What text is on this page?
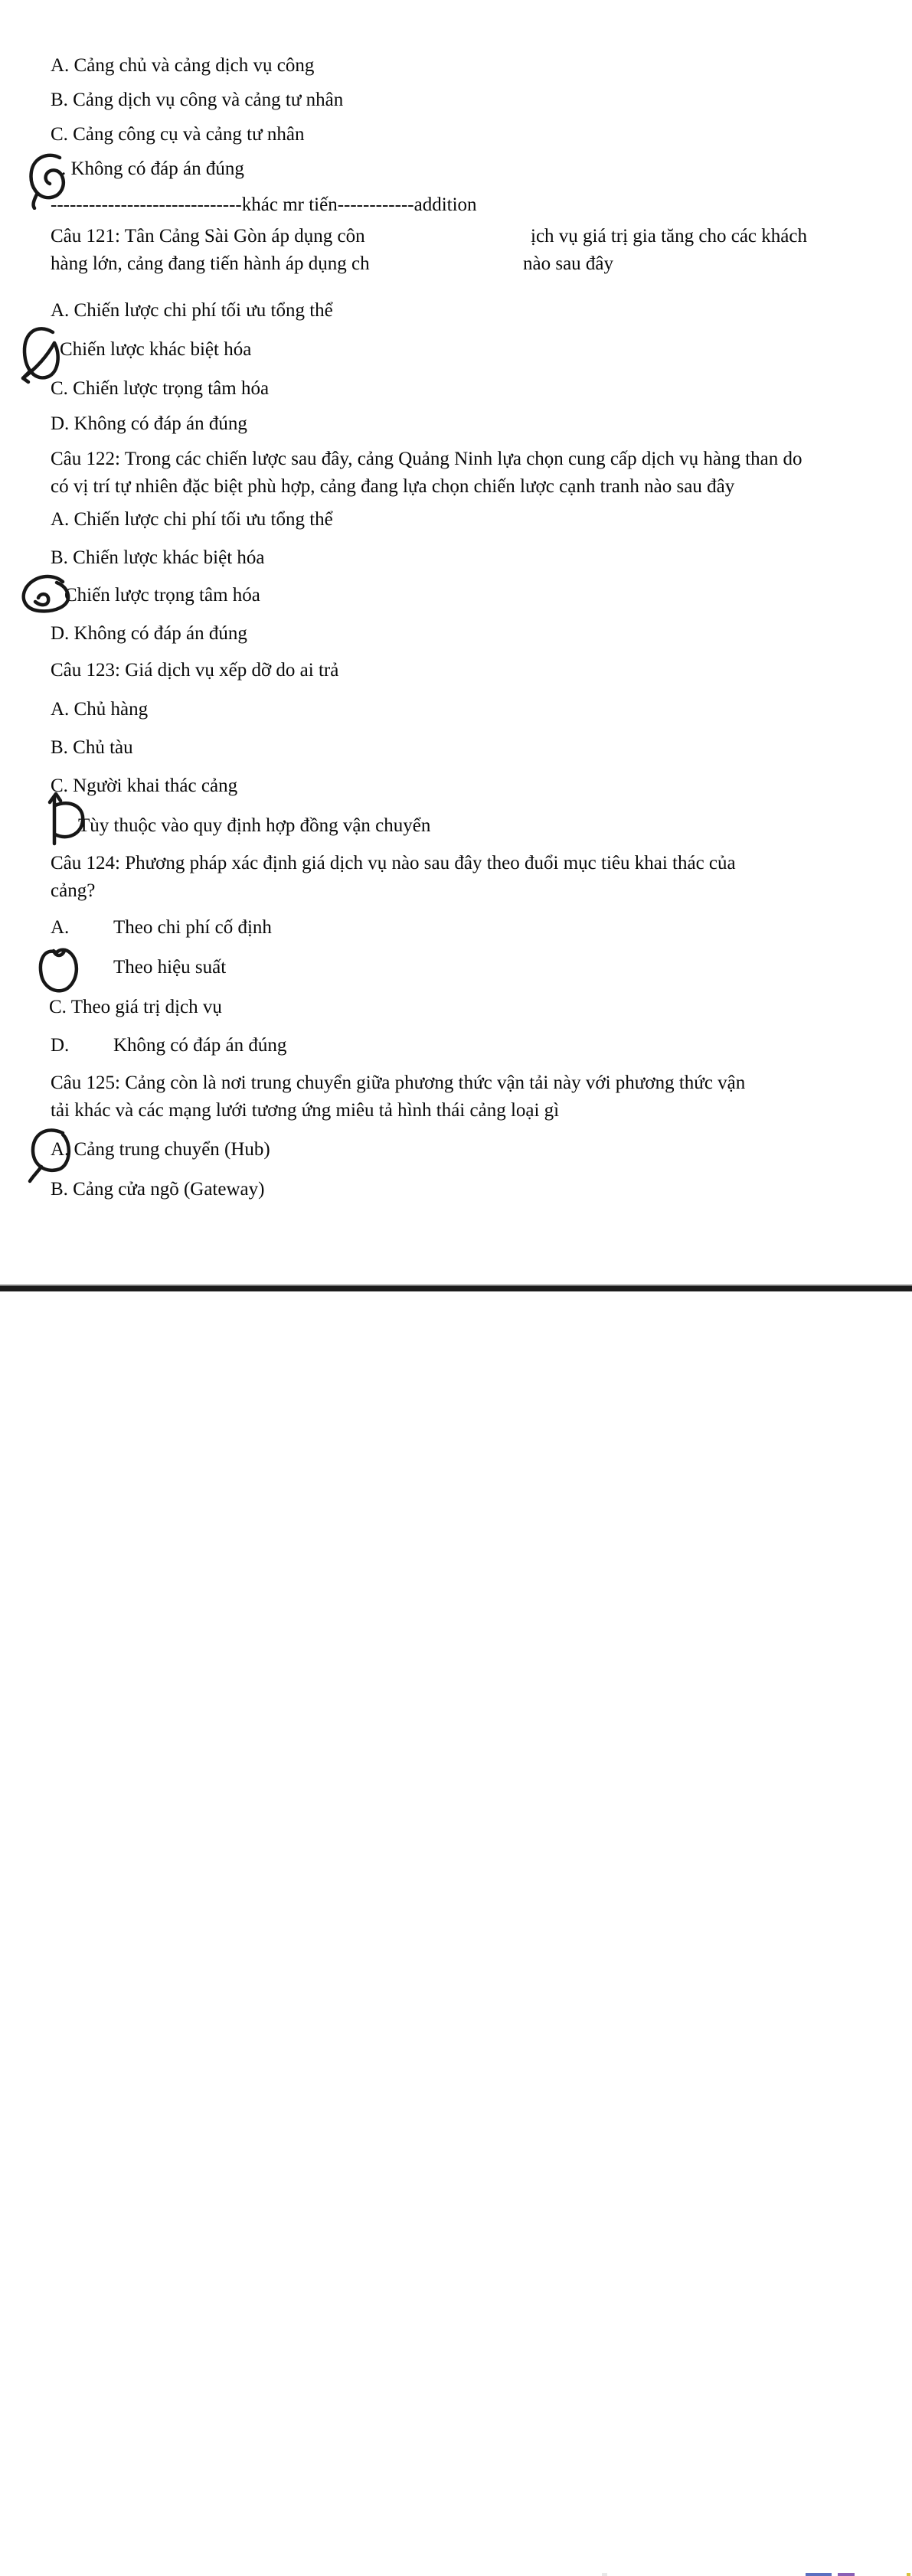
A. Cảng chủ và cảng dịch vụ công
B. Cảng dịch vụ công và cảng tư nhân
C. Cảng công cụ và cảng tư nhân
. Không có đáp án đúng
------------------------------khác mr tiến------------addition
Câu 121: Tân Cảng Sài Gòn áp dụng côn	ịch vụ giá trị gia tăng cho các khách
hàng lớn, cảng đang tiến hành áp dụng ch	nào sau đây
A. Chiến lược chi phí tối ưu tổng thể
Chiến lược khác biệt hóa
C. Chiến lược trọng tâm hóa
D. Không có đáp án đúng
Câu 122: Trong các chiến lược sau đây, cảng Quảng Ninh lựa chọn cung cấp dịch vụ hàng than do
có vị trí tự nhiên đặc biệt phù hợp, cảng đang lựa chọn chiến lược cạnh tranh nào sau đây
A. Chiến lược chi phí tối ưu tổng thể
B. Chiến lược khác biệt hóa
Chiến lược trọng tâm hóa
D. Không có đáp án đúng
Câu 123: Giá dịch vụ xếp dỡ do ai trả
A. Chủ hàng
B. Chủ tàu
C. Người khai thác cảng
Tùy thuộc vào quy định hợp đồng vận chuyển
Câu 124: Phương pháp xác định giá dịch vụ nào sau đây theo đuổi mục tiêu khai thác của
cảng?
A. Theo chi phí cố định
Theo hiệu suất
C. Theo giá trị dịch vụ
D. Không có đáp án đúng
Câu 125: Cảng còn là nơi trung chuyển giữa phương thức vận tải này với phương thức vận
tải khác và các mạng lưới tương ứng miêu tả hình thái cảng loại gì
A. Cảng trung chuyển (Hub)
B. Cảng cửa ngõ (Gateway)
